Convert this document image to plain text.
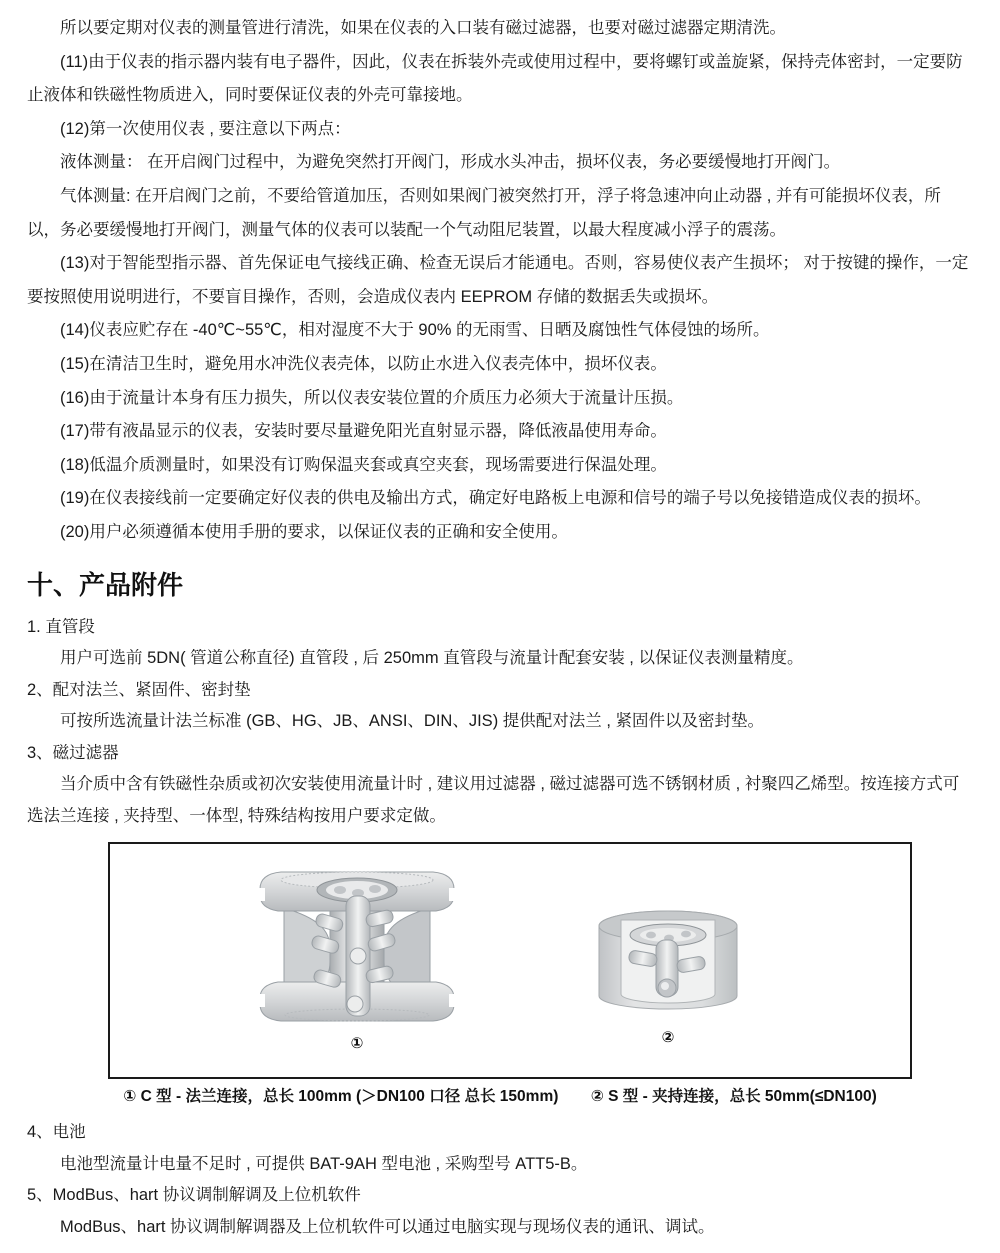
所以要定期对仪表的测量管进行清洗，如果在仪表的入口装有磁过滤器，也要对磁过滤器定期清洗。

(11)由于仪表的指示器内装有电子器件，因此，仪表在拆装外壳或使用过程中，要将螺钉或盖旋紧，保持壳体密封，一定要防止液体和铁磁性物质进入，同时要保证仪表的外壳可靠接地。

(12)第一次使用仪表 , 要注意以下两点：

液体测量： 在开启阀门过程中，为避免突然打开阀门，形成水头冲击，损坏仪表，务必要缓慢地打开阀门。

气体测量: 在开启阀门之前，不要给管道加压，否则如果阀门被突然打开，浮子将急速冲向止动器 , 并有可能损坏仪表，所以，务必要缓慢地打开阀门，测量气体的仪表可以装配一个气动阻尼装置，以最大程度减小浮子的震荡。

(13)对于智能型指示器、首先保证电气接线正确、检查无误后才能通电。否则，容易使仪表产生损坏； 对于按键的操作，一定要按照使用说明进行，不要盲目操作，否则，会造成仪表内 EEPROM 存储的数据丢失或损坏。

(14)仪表应贮存在 -40℃~55℃，相对湿度不大于 90% 的无雨雪、日晒及腐蚀性气体侵蚀的场所。

(15)在清洁卫生时，避免用水冲洗仪表壳体，以防止水进入仪表壳体中，损坏仪表。

(16)由于流量计本身有压力损失，所以仪表安装位置的介质压力必须大于流量计压损。

(17)带有液晶显示的仪表，安装时要尽量避免阳光直射显示器，降低液晶使用寿命。

(18)低温介质测量时，如果没有订购保温夹套或真空夹套，现场需要进行保温处理。

(19)在仪表接线前一定要确定好仪表的供电及输出方式，确定好电路板上电源和信号的端子号以免接错造成仪表的损坏。

(20)用户必须遵循本使用手册的要求，以保证仪表的正确和安全使用。

十、产品附件

1. 直管段

用户可选前 5DN( 管道公称直径) 直管段 , 后 250mm 直管段与流量计配套安装 , 以保证仪表测量精度。

2、配对法兰、紧固件、密封垫

可按所选流量计法兰标准 (GB、HG、JB、ANSI、DIN、JIS) 提供配对法兰 , 紧固件以及密封垫。

3、磁过滤器

当介质中含有铁磁性杂质或初次安装使用流量计时 , 建议用过滤器 , 磁过滤器可选不锈钢材质 , 衬聚四乙烯型。按连接方式可选法兰连接 , 夹持型、一体型, 特殊结构按用户要求定做。

①	②
① C 型 - 法兰连接，总长 100mm (＞DN100 口径 总长 150mm) ② S 型 - 夹持连接，总长 50mm(≤DN100)

4、电池

电池型流量计电量不足时 , 可提供 BAT-9AH 型电池 , 采购型号 ATT5-B。

5、ModBus、hart 协议调制解调及上位机软件

ModBus、hart 协议调制解调器及上位机软件可以通过电脑实现与现场仪表的通讯、调试。
